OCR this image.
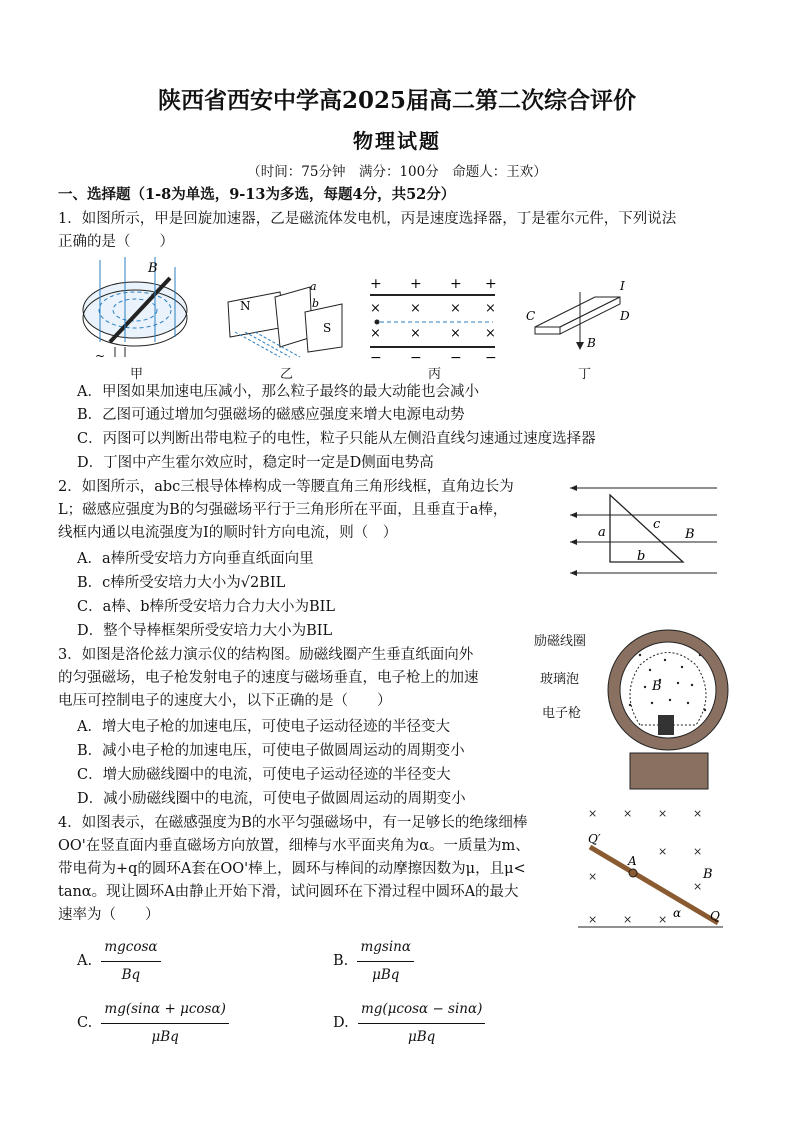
陕西省西安中学高2025届高二第二次综合评价
物理试题
（时间：75分钟　满分：100分　命题人：王欢）
一、选择题（1-8为单选，9-13为多选，每题4分，共52分）
1．如图所示，甲是回旋加速器，乙是磁流体发电机，丙是速度选择器，丁是霍尔元件，下列说法
正确的是（　　）
B
~
N
S
a
b
+ + + +
× × × ×
× × × ×
− − − −
C	D
I
B
甲	乙	丙	丁
A．甲图如果加速电压减小，那么粒子最终的最大动能也会减小
B．乙图可通过增加匀强磁场的磁感应强度来增大电源电动势
C．丙图可以判断出带电粒子的电性，粒子只能从左侧沿直线匀速通过速度选择器
D．丁图中产生霍尔效应时，稳定时一定是D侧面电势高
2．如图所示，abc三根导体棒构成一等腰直角三角形线框，直角边长为
L；磁感应强度为B的匀强磁场平行于三角形所在平面，且垂直于a棒，
线框内通以电流强度为I的顺时针方向电流，则（　）
A．a棒所受安培力方向垂直纸面向里
B．c棒所受安培力大小为√2BIL
C．a棒、b棒所受安培力合力大小为BIL
D．整个导棒框架所受安培力大小为BIL
a
c
b
B
3．如图是洛伦兹力演示仪的结构图。励磁线圈产生垂直纸面向外
的匀强磁场，电子枪发射电子的速度与磁场垂直，电子枪上的加速
电压可控制电子的速度大小，以下正确的是（　　）
A．增大电子枪的加速电压，可使电子运动径迹的半径变大
B．减小电子枪的加速电压，可使电子做圆周运动的周期变小
C．增大励磁线圈中的电流，可使电子运动径迹的半径变大
D．减小励磁线圈中的电流，可使电子做圆周运动的周期变小
B
励磁线圈
玻璃泡
电子枪
4．如图表示，在磁感强度为B的水平匀强磁场中，有一足够长的绝缘细棒
OO'在竖直面内垂直磁场方向放置，细棒与水平面夹角为α。一质量为m、
带电荷为+q的圆环A套在OO'棒上，圆环与棒间的动摩擦因数为μ，且μ<
tanα。现让圆环A由静止开始下滑，试问圆环在下滑过程中圆环A的最大
速率为（　　）
× × × ×
× ×
×
×
× × ×
A
Q′
Q
B
α
A.
$\frac{mgcos\alpha}{Bq}$	B.
$\frac{mgsin\alpha}{\text{μBq}}$
C.
$\frac{mg(\sin\alpha + \mu\cos\alpha)}{\text{μBq}}$	D.
$\frac{mg(\mu\cos\alpha - \sin\alpha)}{\text{μBq}}$
